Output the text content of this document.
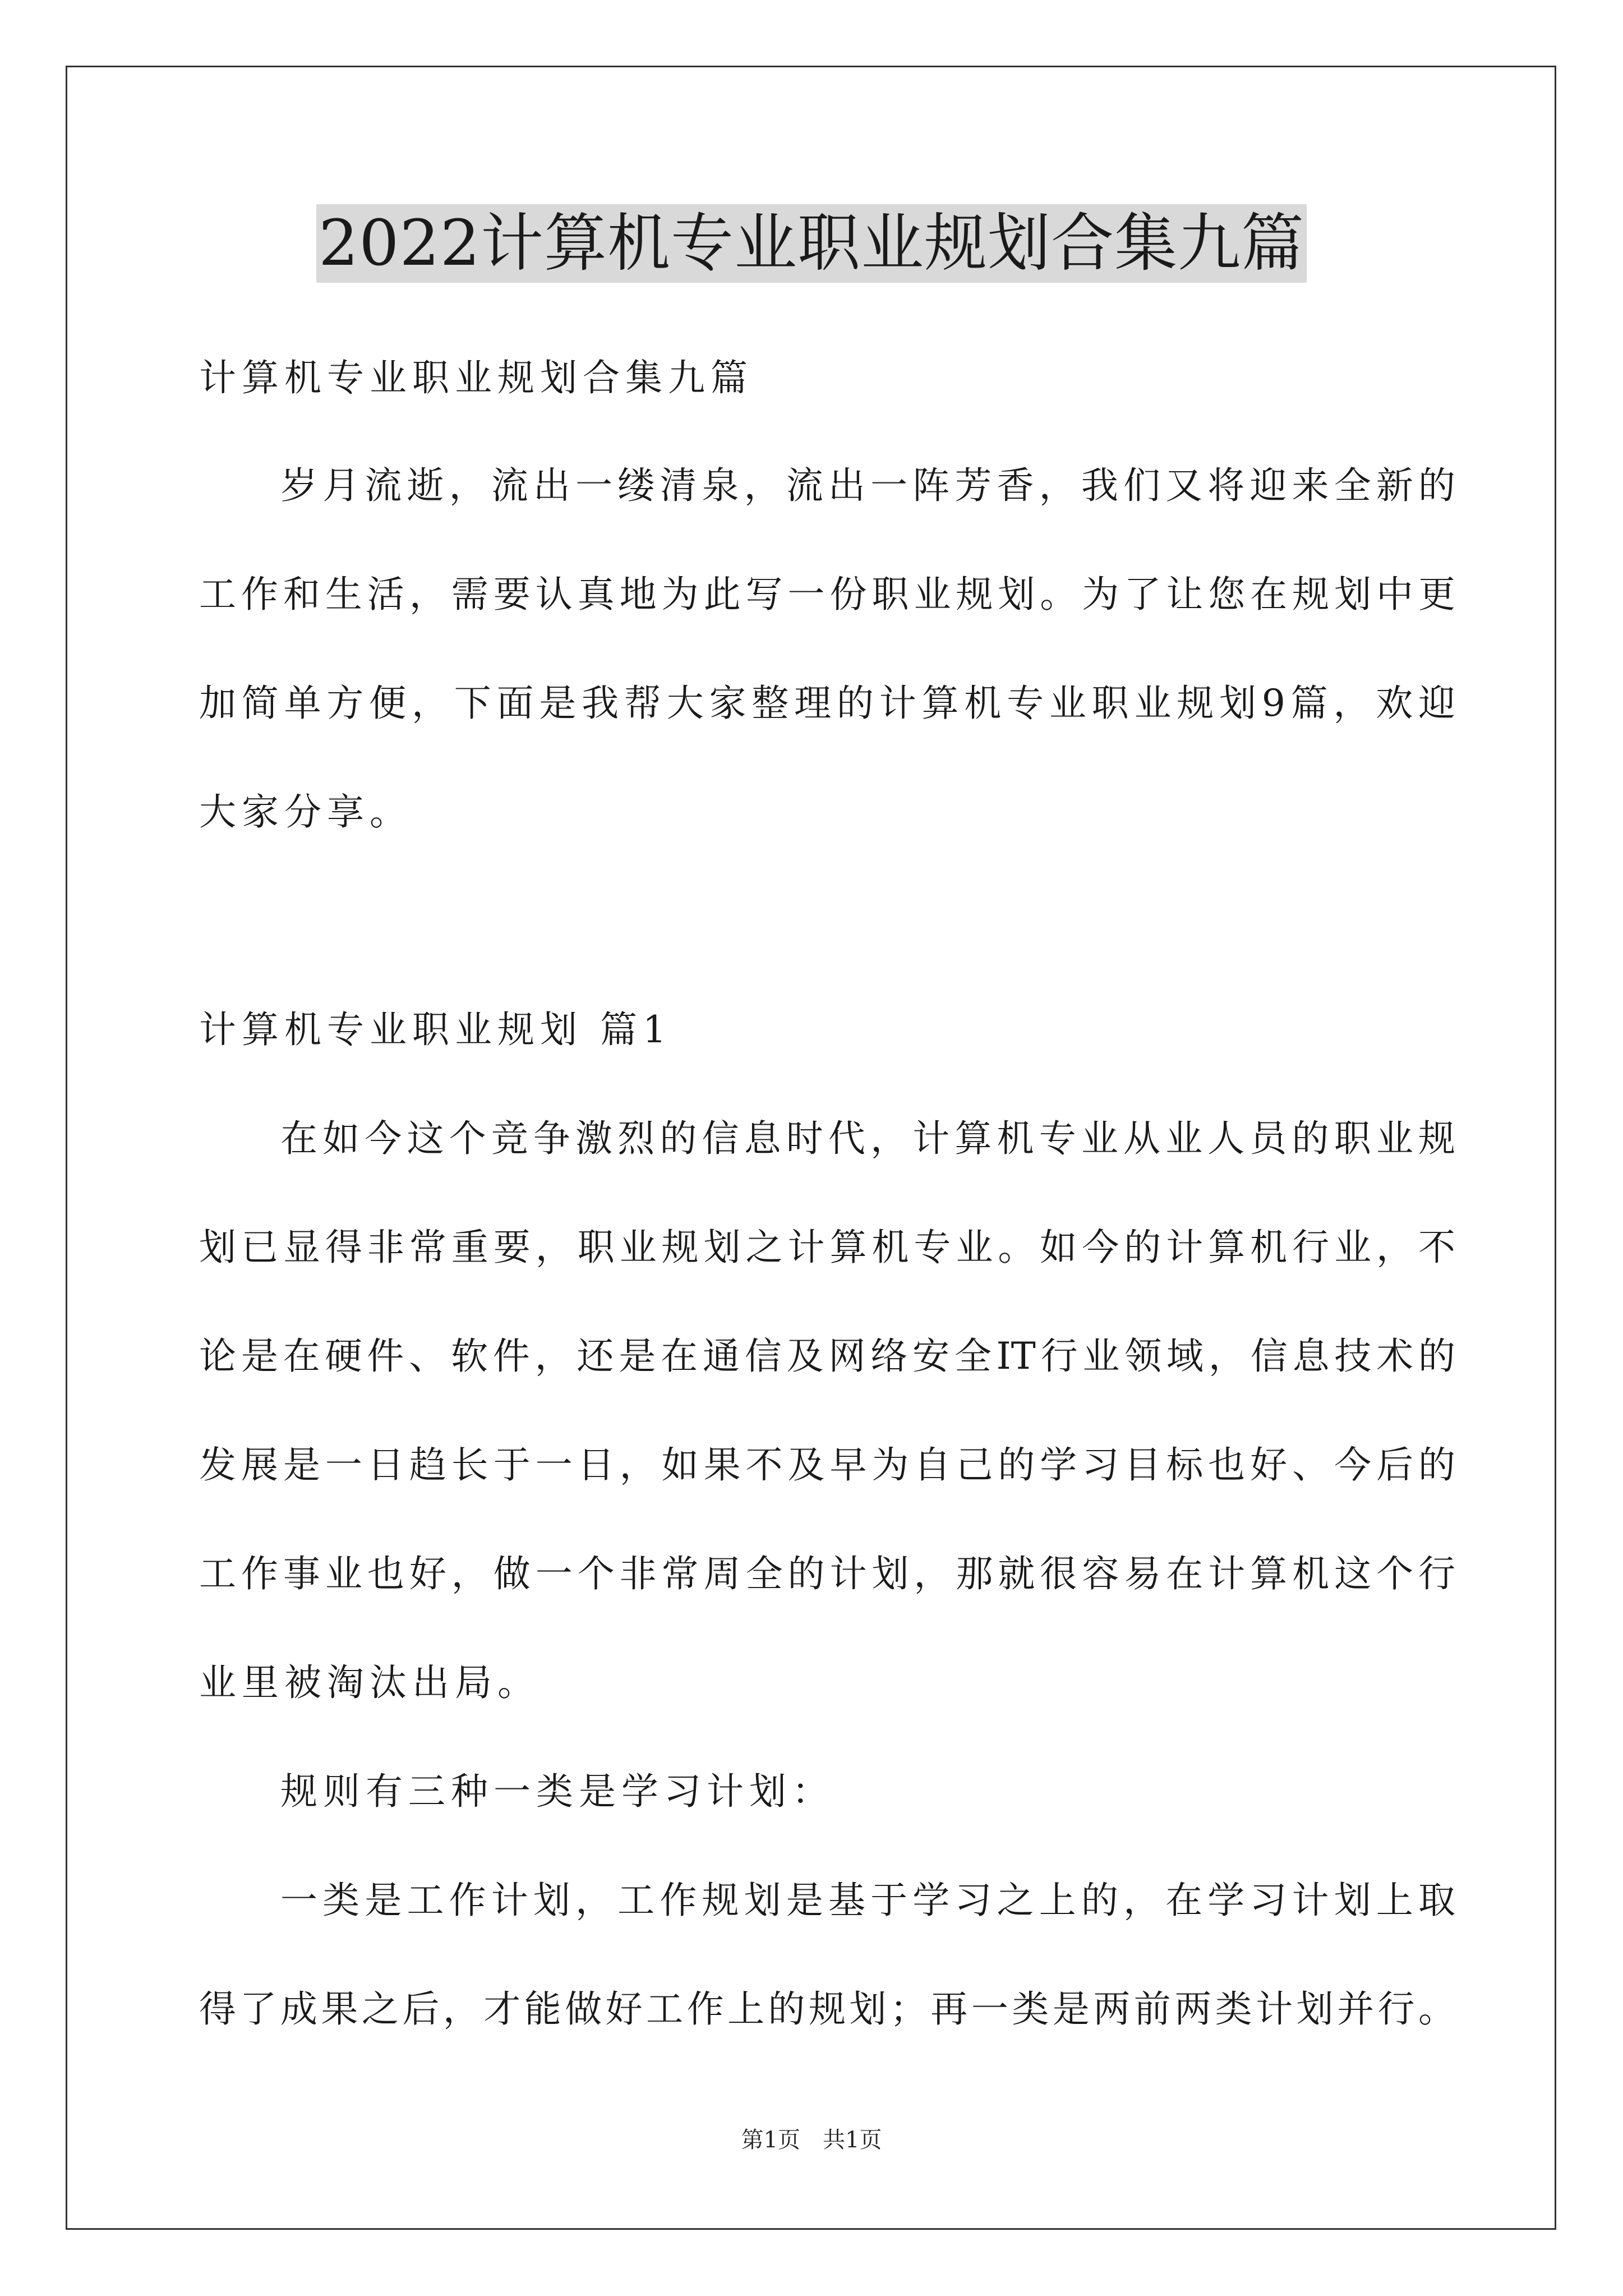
2022计算机专业职业规划合集九篇
计算机专业职业规划合集九篇
岁月流逝，流出一缕清泉，流出一阵芳香，我们又将迎来全新的
工作和生活，需要认真地为此写一份职业规划。为了让您在规划中更
加简单方便，下面是我帮大家整理的计算机专业职业规划9篇，欢迎
大家分享。
计算机专业职业规划 篇1
在如今这个竞争激烈的信息时代，计算机专业从业人员的职业规
划已显得非常重要，职业规划之计算机专业。如今的计算机行业，不
论是在硬件、软件，还是在通信及网络安全IT行业领域，信息技术的
发展是一日趋长于一日，如果不及早为自己的学习目标也好、今后的
工作事业也好，做一个非常周全的计划，那就很容易在计算机这个行
业里被淘汰出局。
规则有三种一类是学习计划：
一类是工作计划，工作规划是基于学习之上的，在学习计划上取
得了成果之后，才能做好工作上的规划；再一类是两前两类计划并行。
第1页　共1页
